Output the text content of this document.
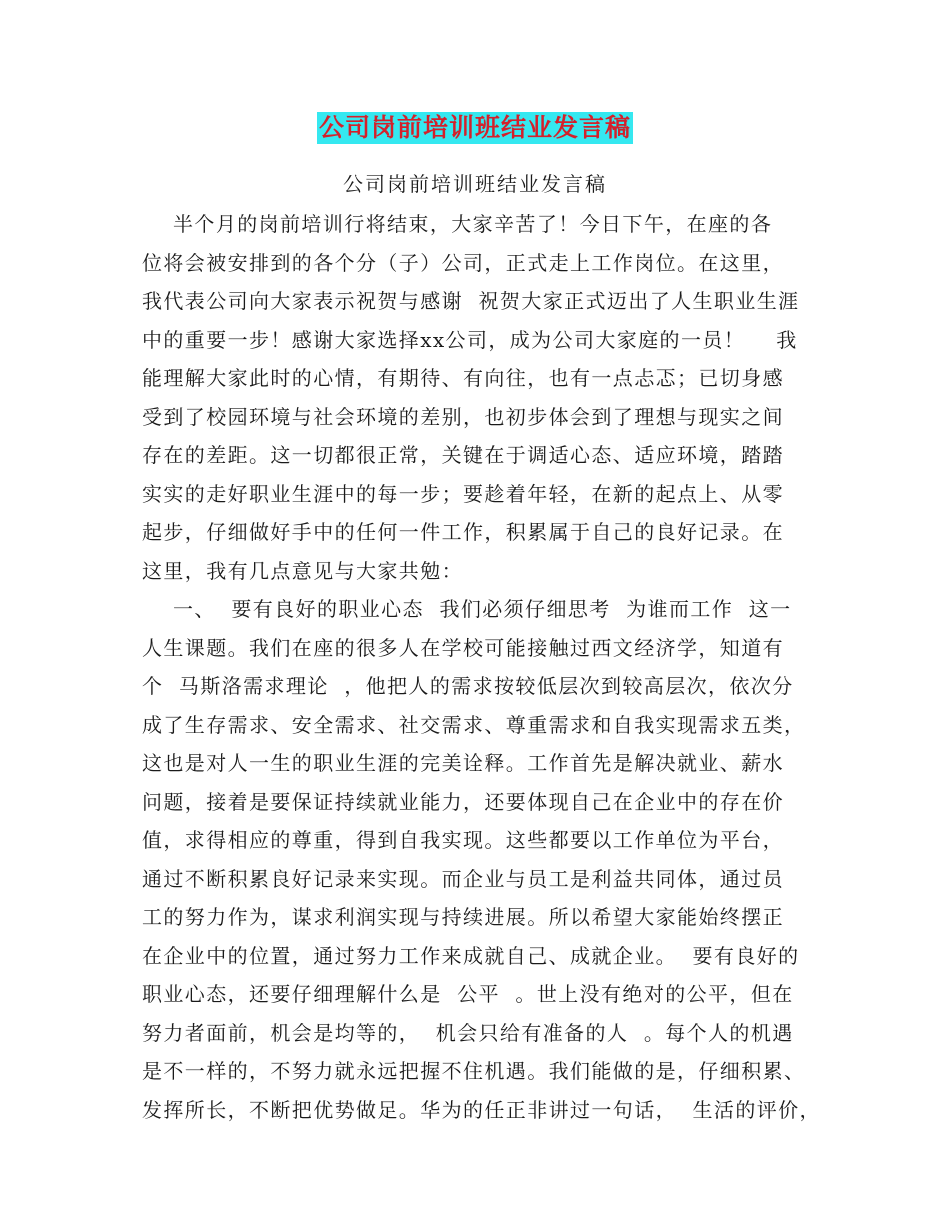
公司岗前培训班结业发言稿
公司岗前培训班结业发言稿
半个月的岗前培训行将结束，大家辛苦了！今日下午，在座的各
位将会被安排到的各个分（子）公司，正式走上工作岗位。在这里，
我代表公司向大家表示祝贺与感谢  祝贺大家正式迈出了人生职业生涯
中的重要一步！感谢大家选择xx公司，成为公司大家庭的一员！    我
能理解大家此时的心情，有期待、有向往，也有一点忐忑；已切身感
受到了校园环境与社会环境的差别，也初步体会到了理想与现实之间
存在的差距。这一切都很正常，关键在于调适心态、适应环境，踏踏
实实的走好职业生涯中的每一步；要趁着年轻，在新的起点上、从零
起步，仔细做好手中的任何一件工作，积累属于自己的良好记录。在
这里，我有几点意见与大家共勉：
一、  要有良好的职业心态  我们必须仔细思考  为谁而工作  这一
人生课题。我们在座的很多人在学校可能接触过西文经济学，知道有
个  马斯洛需求理论  ，他把人的需求按较低层次到较高层次，依次分
成了生存需求、安全需求、社交需求、尊重需求和自我实现需求五类，
这也是对人一生的职业生涯的完美诠释。工作首先是解决就业、薪水
问题，接着是要保证持续就业能力，还要体现自己在企业中的存在价
值，求得相应的尊重，得到自我实现。这些都要以工作单位为平台，
通过不断积累良好记录来实现。而企业与员工是利益共同体，通过员
工的努力作为，谋求利润实现与持续进展。所以希望大家能始终摆正
在企业中的位置，通过努力工作来成就自己、成就企业。  要有良好的
职业心态，还要仔细理解什么是  公平  。世上没有绝对的公平，但在
努力者面前，机会是均等的，  机会只给有准备的人  。每个人的机遇
是不一样的，不努力就永远把握不住机遇。我们能做的是，仔细积累、
发挥所长，不断把优势做足。华为的任正非讲过一句话，  生活的评价，
